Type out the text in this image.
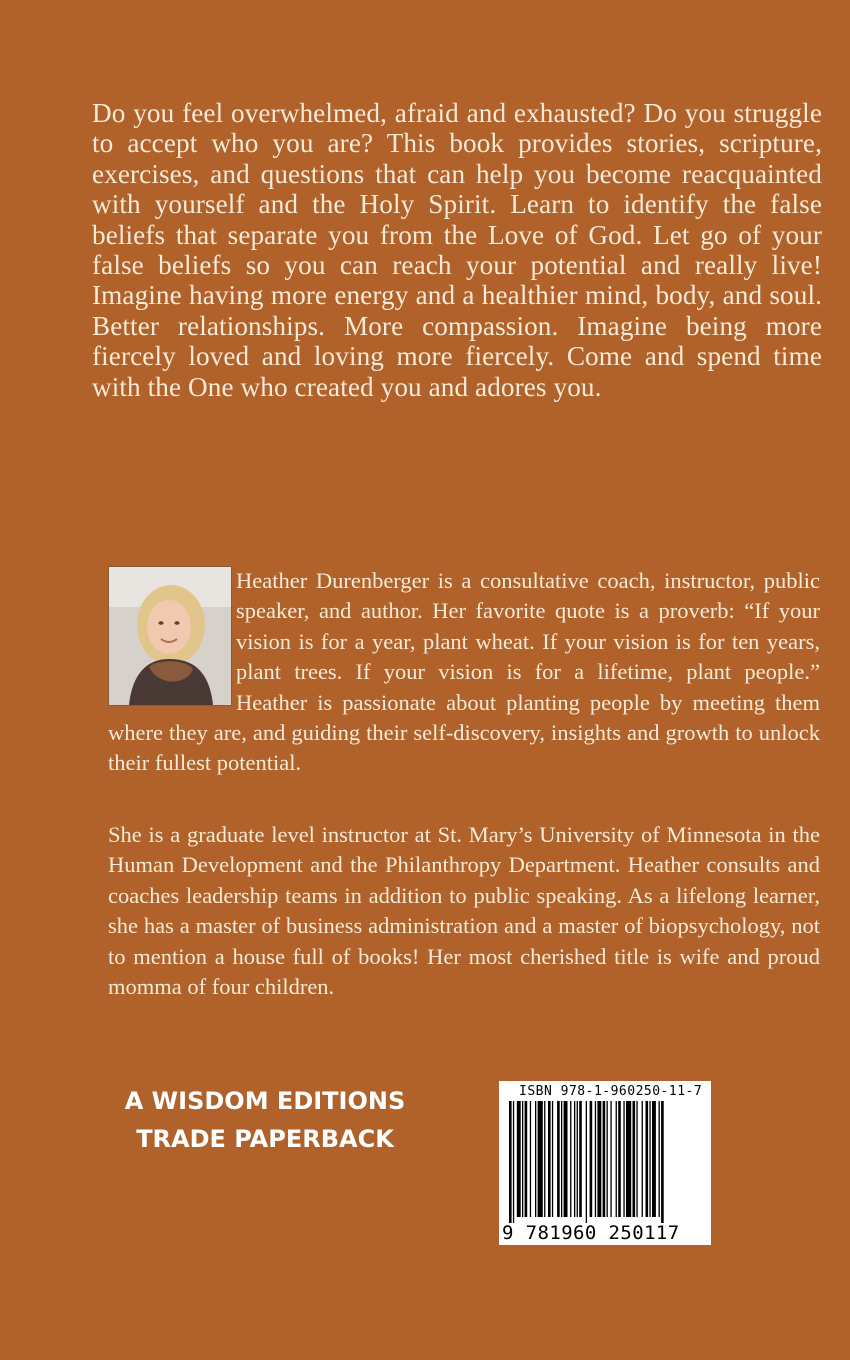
Do you feel overwhelmed, afraid and exhausted? Do you struggle to accept who you are? This book provides stories, scripture, exercises, and questions that can help you become reacquainted with yourself and the Holy Spirit. Learn to identify the false beliefs that separate you from the Love of God. Let go of your false beliefs so you can reach your potential and really live! Imagine having more energy and a healthier mind, body, and soul. Better relationships. More compassion. Imagine being more fiercely loved and loving more fiercely. Come and spend time with the One who created you and adores you.

Heather Durenberger is a consultative coach, instructor, public speaker, and author. Her favorite quote is a proverb: “If your vision is for a year, plant wheat. If your vision is for ten years, plant trees. If your vision is for a lifetime, plant people.” Heather is passionate about planting people by meeting them where they are, and guiding their self-discovery, insights and growth to unlock their fullest potential.

She is a graduate level instructor at St. Mary’s University of Minnesota in the Human Development and the Philanthropy Department. Heather consults and coaches leadership teams in addition to public speaking. As a lifelong learner, she has a master of business administration and a master of biopsychology, not to mention a house full of books! Her most cherished title is wife and proud momma of four children.

A WISDOM EDITIONS
TRADE PAPERBACK
ISBN 978-1-960250-11-7
9 781960 250117
